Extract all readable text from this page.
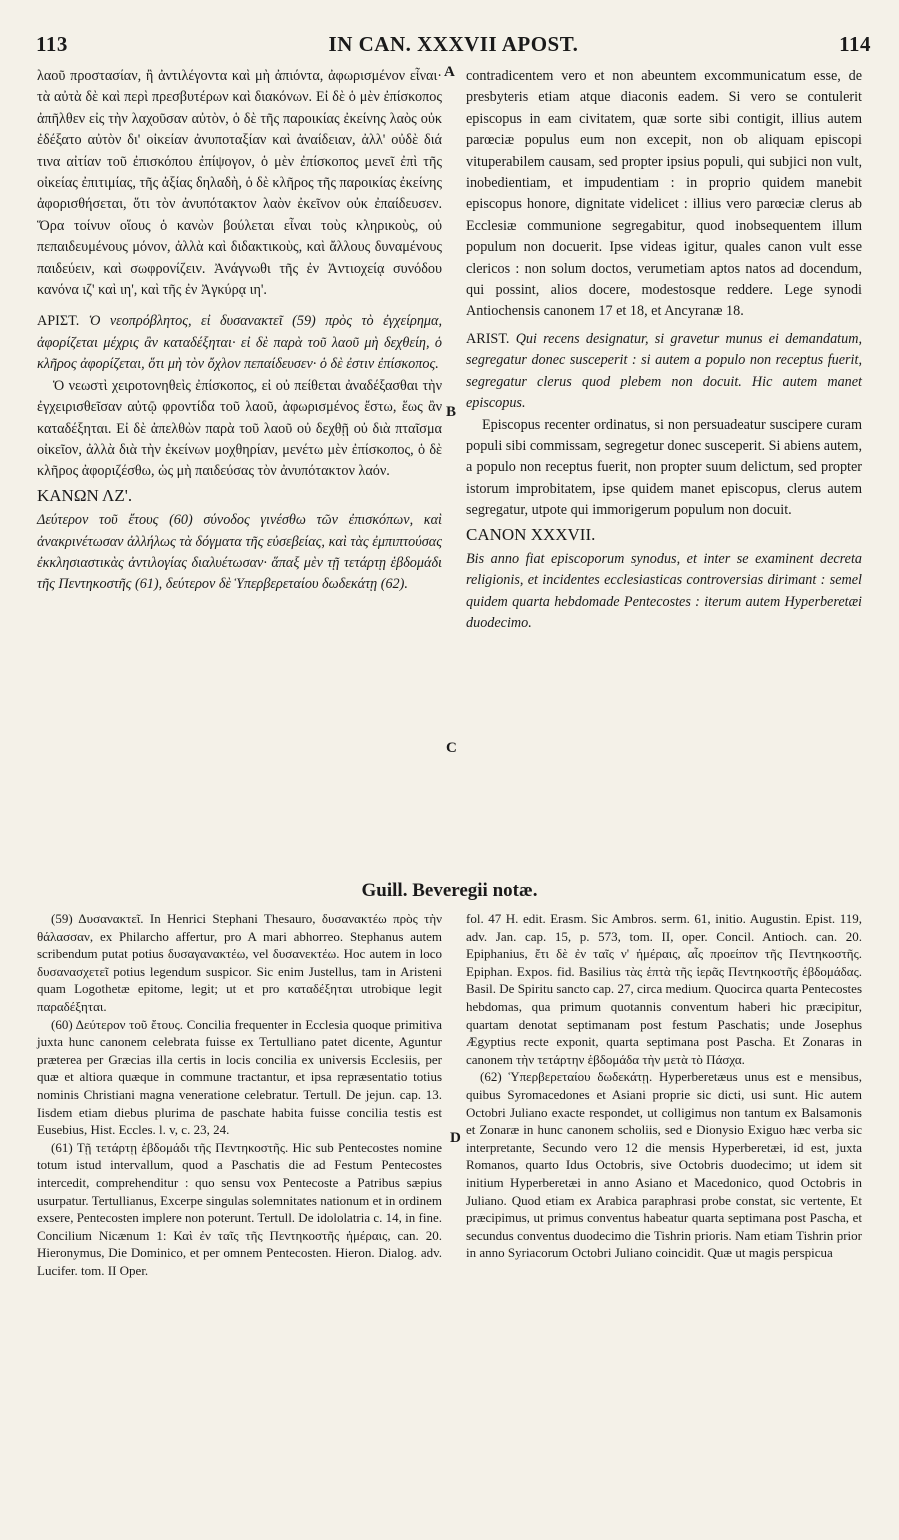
113	IN CAN. XXXVII APOST.	114
A
B
C
D

λαοῦ προστασίαν, ἢ ἀντιλέγοντα καὶ μὴ ἀπιόντα, ἀφωρισμένον εἶναι· τὰ αὐτὰ δὲ καὶ περὶ πρεσβυτέρων καὶ διακόνων. Εἰ δὲ ὁ μὲν ἐπίσκοπος ἀπῆλθεν εἰς τὴν λαχοῦσαν αὐτὸν, ὁ δὲ τῆς παροικίας ἐκείνης λαὸς οὐκ ἐδέξατο αὐτὸν δι' οἰκείαν ἀνυποταξίαν καὶ ἀναίδειαν, ἀλλ' οὐδὲ διά τινα αἰτίαν τοῦ ἐπισκόπου ἐπίψογον, ὁ μὲν ἐπίσκοπος μενεῖ ἐπὶ τῆς οἰκείας ἐπιτιμίας, τῆς ἀξίας δηλαδὴ, ὁ δὲ κλῆρος τῆς παροικίας ἐκείνης ἀφορισθήσεται, ὅτι τὸν ἀνυπότακτον λαὸν ἐκεῖνον οὐκ ἐπαίδευσεν. Ὅρα τοίνυν οἵους ὁ κανὼν βούλεται εἶναι τοὺς κληρικοὺς, οὐ πεπαιδευμένους μόνον, ἀλλὰ καὶ διδακτικοὺς, καὶ ἄλλους δυναμένους παιδεύειν, καὶ σωφρονίζειν. Ἀνάγνωθι τῆς ἐν Ἀντιοχείᾳ συνόδου κανόνα ιζ' καὶ ιη', καὶ τῆς ἐν Ἀγκύρᾳ ιη'.

ΑΡΙΣΤ. Ὁ νεοπρόβλητος, εἰ δυσανακτεῖ (59) πρὸς τὸ ἐγχείρημα, ἀφορίζεται μέχρις ἂν καταδέξηται· εἰ δὲ παρὰ τοῦ λαοῦ μὴ δεχθείη, ὁ κλῆρος ἀφορίζεται, ὅτι μὴ τὸν ὄχλον πεπαίδευσεν· ὁ δὲ ἐστιν ἐπίσκοπος.

Ὁ νεωστὶ χειροτονηθεὶς ἐπίσκοπος, εἰ οὐ πείθεται ἀναδέξασθαι τὴν ἐγχειρισθεῖσαν αὐτῷ φροντίδα τοῦ λαοῦ, ἀφωρισμένος ἔστω, ἕως ἂν καταδέξηται. Εἰ δὲ ἀπελθὼν παρὰ τοῦ λαοῦ οὐ δεχθῇ οὐ διὰ πταῖσμα οἰκεῖον, ἀλλὰ διὰ τὴν ἐκείνων μοχθηρίαν, μενέτω μὲν ἐπίσκοπος, ὁ δὲ κλῆρος ἀφοριζέσθω, ὡς μὴ παιδεύσας τὸν ἀνυπότακτον λαόν.

ΚΑΝΩΝ ΛΖ'.

Δεύτερον τοῦ ἔτους (60) σύνοδος γινέσθω τῶν ἐπισκόπων, καὶ ἀνακρινέτωσαν ἀλλήλως τὰ δόγματα τῆς εὐσεβείας, καὶ τὰς ἐμπιπτούσας ἐκκλησιαστικὰς ἀντιλογίας διαλυέτωσαν· ἅπαξ μὲν τῇ τετάρτῃ ἑβδομάδι τῆς Πεντηκοστῆς (61), δεύτερον δὲ Ὑπερβερεταίου δωδεκάτῃ (62).

contradicentem vero et non abeuntem excommunicatum esse, de presbyteris etiam atque diaconis eadem. Si vero se contulerit episcopus in eam civitatem, quæ sorte sibi contigit, illius autem parœciæ populus eum non excepit, non ob aliquam episcopi vituperabilem causam, sed propter ipsius populi, qui subjici non vult, inobedientiam, et impudentiam : in proprio quidem manebit episcopus honore, dignitate videlicet : illius vero parœciæ clerus ab Ecclesiæ communione segregabitur, quod inobsequentem illum populum non docuerit. Ipse videas igitur, quales canon vult esse clericos : non solum doctos, verumetiam aptos natos ad docendum, qui possint, alios docere, modestosque reddere. Lege synodi Antiochensis canonem 17 et 18, et Ancyranæ 18.

ARIST. Qui recens designatur, si gravetur munus ei demandatum, segregatur donec susceperit : si autem a populo non receptus fuerit, segregatur clerus quod plebem non docuit. Hic autem manet episcopus.

Episcopus recenter ordinatus, si non persuadeatur suscipere curam populi sibi commissam, segregetur donec susceperit. Si abiens autem, a populo non receptus fuerit, non propter suum delictum, sed propter istorum improbitatem, ipse quidem manet episcopus, clerus autem segregatur, utpote qui immorigerum populum non docuit.

CANON XXXVII.

Bis anno fiat episcoporum synodus, et inter se examinent decreta religionis, et incidentes ecclesiasticas controversias dirimant : semel quidem quarta hebdomade Pentecostes : iterum autem Hyperberetæi duodecimo.

Guill. Beveregii notæ.

(59) Δυσανακτεῖ. In Henrici Stephani Thesauro, δυσανακτέω πρὸς τὴν θάλασσαν, ex Philarcho affertur, pro A mari abhorreo. Stephanus autem scribendum putat potius δυσαγανακτέω, vel δυσανεκτέω. Hoc autem in loco δυσανασχετεῖ potius legendum suspicor. Sic enim Justellus, tam in Aristeni quam Logothetæ epitome, legit; ut et pro καταδέξηται utrobique legit παραδέξηται.

(60) Δεύτερον τοῦ ἔτους. Concilia frequenter in Ecclesia quoque primitiva juxta hunc canonem celebrata fuisse ex Tertulliano patet dicente, Aguntur præterea per Græcias illa certis in locis concilia ex universis Ecclesiis, per quæ et altiora quæque in commune tractantur, et ipsa repræsentatio totius nominis Christiani magna veneratione celebratur. Tertull. De jejun. cap. 13. Iisdem etiam diebus plurima de paschate habita fuisse concilia testis est Eusebius, Hist. Eccles. l. v, c. 23, 24.

(61) Τῇ τετάρτῃ ἑβδομάδι τῆς Πεντηκοστῆς. Hic sub Pentecostes nomine totum istud intervallum, quod a Paschatis die ad Festum Pentecostes intercedit, comprehenditur : quo sensu vox Pentecoste a Patribus sæpius usurpatur. Tertullianus, Excerpe singulas solemnitates nationum et in ordinem exsere, Pentecosten implere non poterunt. Tertull. De idololatria c. 14, in fine. Concilium Nicænum 1: Καὶ ἐν ταῖς τῆς Πεντηκοστῆς ἡμέραις, can. 20. Hieronymus, Die Dominico, et per omnem Pentecosten. Hieron. Dialog. adv. Lucifer. tom. II Oper.

fol. 47 H. edit. Erasm. Sic Ambros. serm. 61, initio. Augustin. Epist. 119, adv. Jan. cap. 15, p. 573, tom. II, oper. Concil. Antioch. can. 20. Epiphanius, ἔτι δὲ ἐν ταῖς ν' ἡμέραις, αἷς προείπον τῆς Πεντηκοστῆς. Epiphan. Expos. fid. Basilius τὰς ἑπτὰ τῆς ἱερᾶς Πεντηκοστῆς ἑβδομάδας. Basil. De Spiritu sancto cap. 27, circa medium. Quocirca quarta Pentecostes hebdomas, qua primum quotannis conventum haberi hic præcipitur, quartam denotat septimanam post festum Paschatis; unde Josephus Ægyptius recte exponit, quarta septimana post Pascha. Et Zonaras in canonem τὴν τετάρτην ἑβδομάδα τὴν μετὰ τὸ Πάσχα.

(62) Ὑπερβερεταίου δωδεκάτῃ. Hyperberetæus unus est e mensibus, quibus Syromacedones et Asiani proprie sic dicti, usi sunt. Hic autem Octobri Juliano exacte respondet, ut colligimus non tantum ex Balsamonis et Zonaræ in hunc canonem scholiis, sed e Dionysio Exiguo hæc verba sic interpretante, Secundo vero 12 die mensis Hyperberetæi, id est, juxta Romanos, quarto Idus Octobris, sive Octobris duodecimo; ut idem sit initium Hyperberetæi in anno Asiano et Macedonico, quod Octobris in Juliano. Quod etiam ex Arabica paraphrasi probe constat, sic vertente, Et præcipimus, ut primus conventus habeatur quarta septimana post Pascha, et secundus conventus duodecimo die Tishrin prioris. Nam etiam Tishrin prior in anno Syriacorum Octobri Juliano coincidit. Quæ ut magis perspicua
